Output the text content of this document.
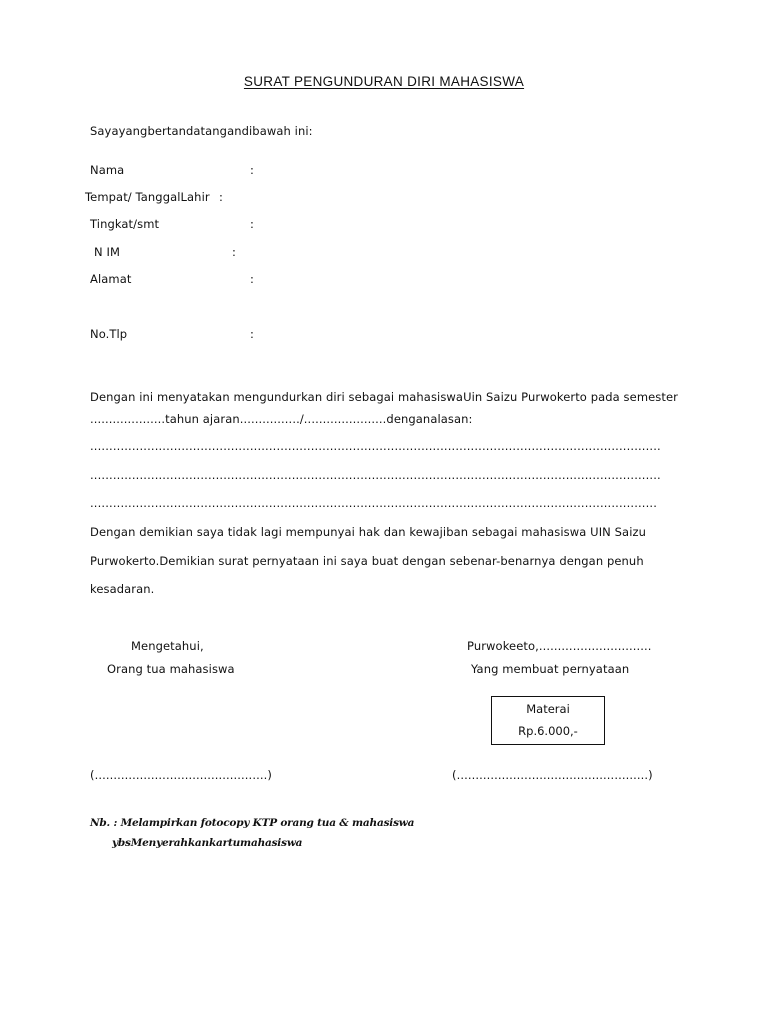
SURAT PENGUNDURAN DIRI MAHASISWA
Sayayangbertandatangandibawah ini:
Nama	:
Tempat/ TanggalLahir :
Tingkat/smt	:
N IM	:
Alamat	:
No.Tlp	:
Dengan ini menyatakan mengundurkan diri sebagai mahasiswaUin Saizu Purwokerto pada semester
....................tahun ajaran................/......................denganalasan:
......................................................................................................................................................
......................................................................................................................................................
.....................................................................................................................................................
Dengan demikian saya tidak lagi mempunyai hak dan kewajiban sebagai mahasiswa UIN Saizu
Purwokerto.Demikian surat pernyataan ini saya buat dengan sebenar-benarnya dengan penuh
kesadaran.
Mengetahui,
Orang tua mahasiswa
Purwokeeto,..............................
Yang membuat pernyataan
Materai
Rp.6.000,-
(..............................................)	(...................................................)
Nb. : Melampirkan fotocopy KTP orang tua & mahasiswa
ybsMenyerahkankartumahasiswa
